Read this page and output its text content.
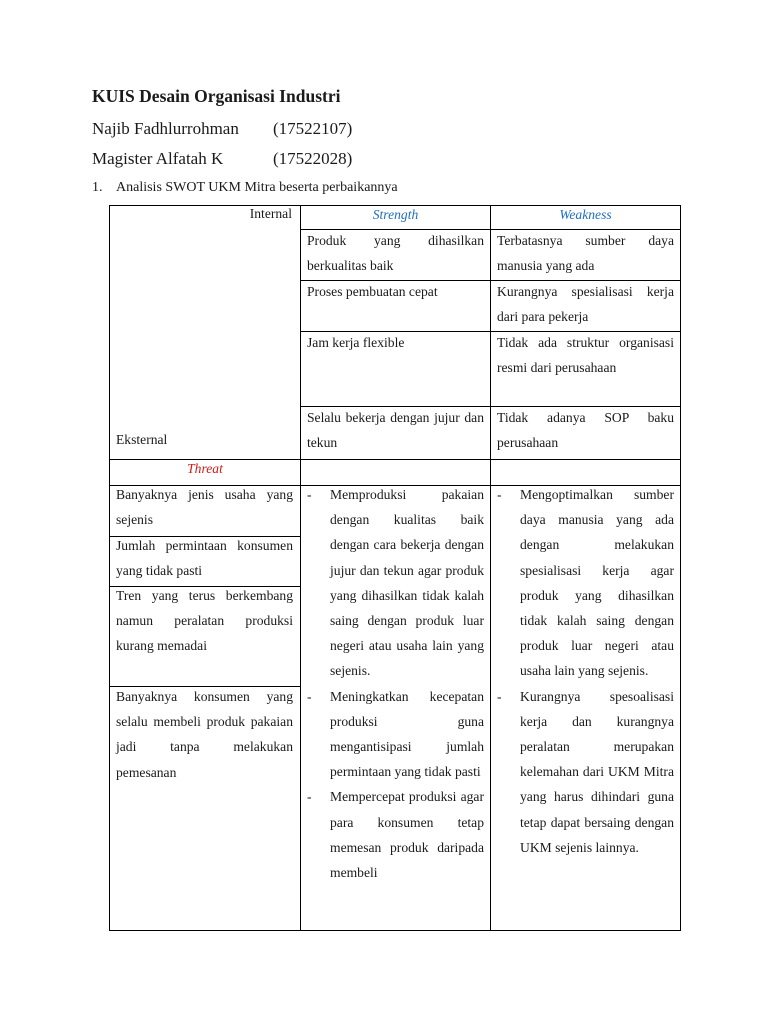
KUIS Desain Organisasi Industri
Najib Fadhlurrohman (17522107)
Magister Alfatah K	(17522028)
1. Analisis SWOT UKM Mitra beserta perbaikannya
Internal
Eksternal
Strength	Weakness
Threat
Produk yang dihasilkan berkualitas baik
Proses pembuatan cepat
Jam kerja flexible
Selalu bekerja dengan jujur dan tekun
Terbatasnya sumber daya manusia yang ada
Kurangnya spesialisasi kerja dari para pekerja
Tidak ada struktur organisasi resmi dari perusahaan
Tidak adanya SOP baku perusahaan
Banyaknya jenis usaha yang sejenis
Jumlah permintaan konsumen yang tidak pasti
Tren yang terus berkembang namun peralatan produksi kurang memadai
Banyaknya konsumen yang selalu membeli produk pakaian jadi tanpa melakukan pemesanan
- Memproduksi pakaian dengan kualitas baik dengan cara bekerja dengan jujur dan tekun agar produk yang dihasilkan tidak kalah saing dengan produk luar negeri atau usaha lain yang sejenis.
- Meningkatkan kecepatan produksi guna mengantisipasi jumlah permintaan yang tidak pasti
- Mempercepat produksi agar para konsumen tetap memesan produk daripada membeli
- Mengoptimalkan sumber daya manusia yang ada dengan melakukan spesialisasi kerja agar produk yang dihasilkan tidak kalah saing dengan produk luar negeri atau usaha lain yang sejenis.
- Kurangnya spesoalisasi kerja dan kurangnya peralatan merupakan kelemahan dari UKM Mitra yang harus dihindari guna tetap dapat bersaing dengan UKM sejenis lainnya.
